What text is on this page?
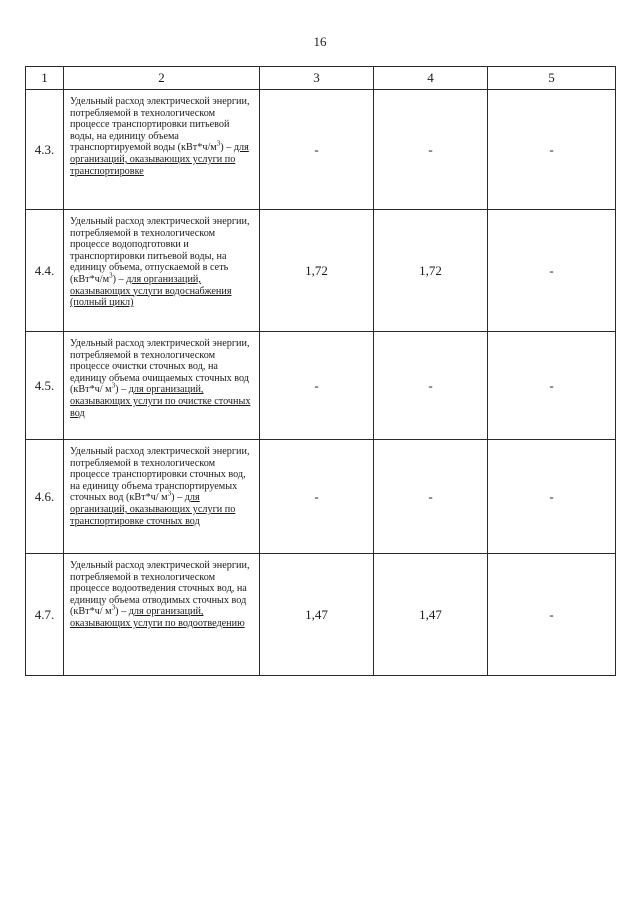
16
1	2	3	4	5
4.3.	Удельный расход электрической энергии, потребляемой в технологическом процессе транспортировки питьевой воды, на единицу объема транспортируемой воды $(кВт*ч/м^3)$ – для организаций, оказывающих услуги по транспортировке	-	-	-
4.4.	Удельный расход электрической энергии, потребляемой в технологическом процессе водоподготовки и транспортировки питьевой воды, на единицу объема, отпускаемой в сеть $(кВт*ч/м^3)$ – для организаций, оказывающих услуги водоснабжения (полный цикл)	1,72	1,72	-
4.5.	Удельный расход электрической энергии, потребляемой в технологическом процессе очистки сточных вод, на единицу объема очищаемых сточных вод (кВт*ч/ $м^3$) – для организаций, оказывающих услуги по очистке сточных вод	-	-	-
4.6.	Удельный расход электрической энергии, потребляемой в технологическом процессе транспортировки сточных вод, на единицу объема транспортируемых сточных вод (кВт*ч/ $м^3$) – для организаций, оказывающих услуги по транспортировке сточных вод	-	-	-
4.7.	Удельный расход электрической энергии, потребляемой в технологическом процессе водоотведения сточных вод, на единицу объема отводимых сточных вод (кВт*ч/ $м^3$) – для организаций, оказывающих услуги по водоотведению	1,47	1,47	-
